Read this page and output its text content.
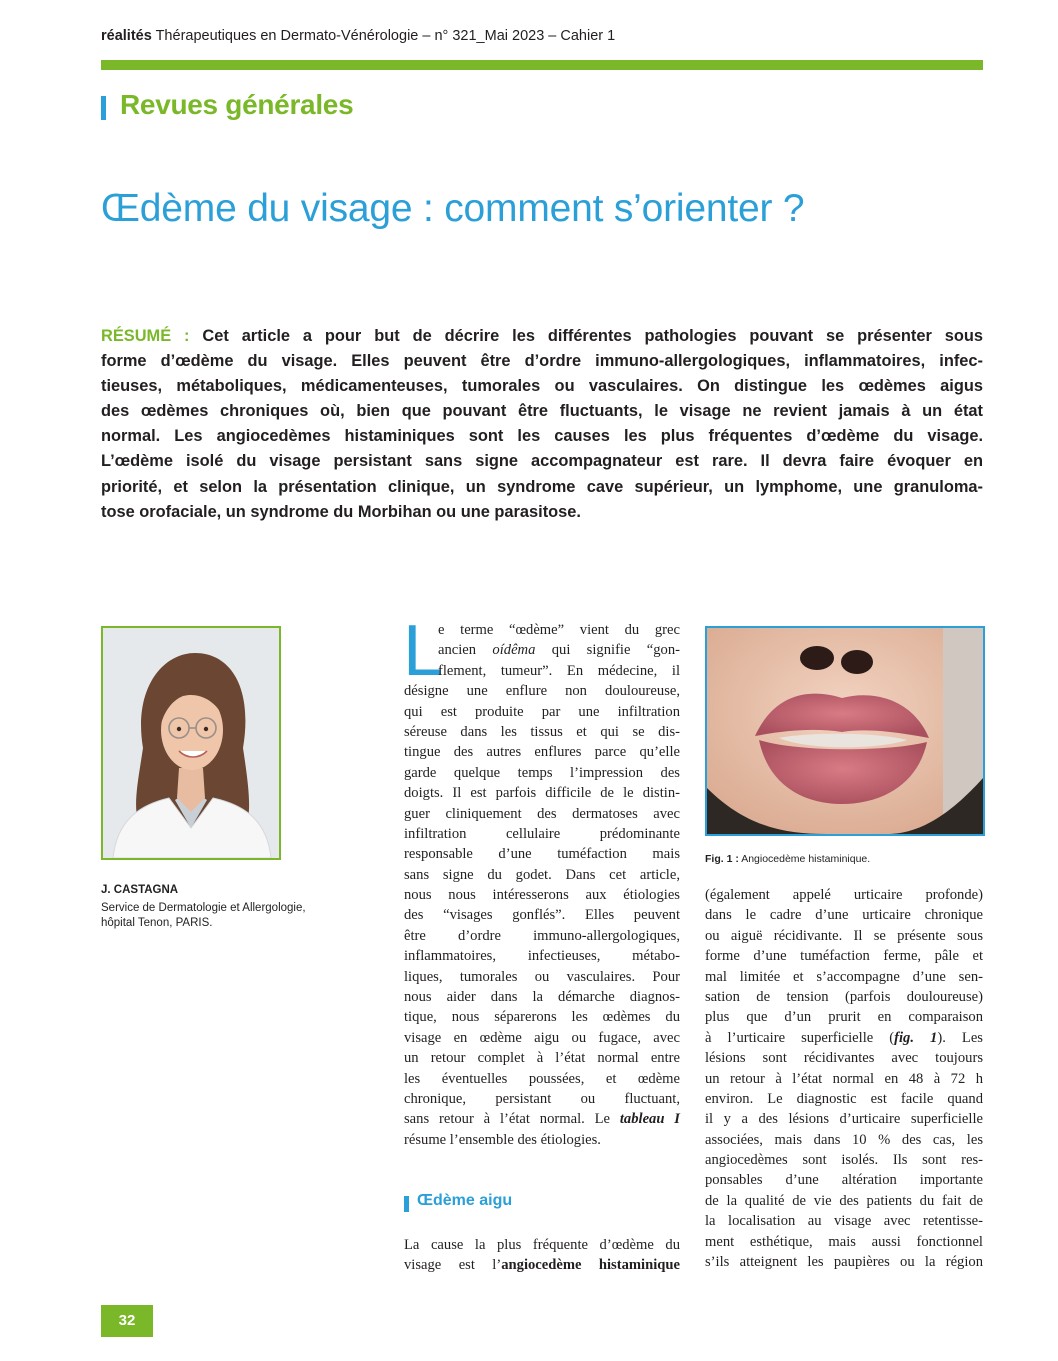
réalités Thérapeutiques en Dermato-Vénérologie – n° 321_Mai 2023 – Cahier 1
Revues générales
Œdème du visage : comment s’orienter ?
RÉSUMÉ : Cet article a pour but de décrire les différentes pathologies pouvant se présenter sous
forme d’œdème du visage. Elles peuvent être d’ordre immuno-allergologiques, inflammatoires, infec-
tieuses, métaboliques, médicamenteuses, tumorales ou vasculaires. On distingue les œdèmes aigus
des œdèmes chroniques où, bien que pouvant être fluctuants, le visage ne revient jamais à un état
normal. Les angiocedèmes histaminiques sont les causes les plus fréquentes d’œdème du visage.
L’œdème isolé du visage persistant sans signe accompagnateur est rare. Il devra faire évoquer en
priorité, et selon la présentation clinique, un syndrome cave supérieur, un lymphome, une granuloma-
tose orofaciale, un syndrome du Morbihan ou une parasitose.
J. CASTAGNA
Service de Dermatologie et Allergologie,
hôpital Tenon, PARIS.
L
e terme “œdème” vient du grec
ancien oídêma qui signifie “gon-
flement, tumeur”. En médecine, il
désigne une enflure non douloureuse,
qui est produite par une infiltration
séreuse dans les tissus et qui se dis-
tingue des autres enflures parce qu’elle
garde quelque temps l’impression des
doigts. Il est parfois difficile de le distin-
guer cliniquement des dermatoses avec
infiltration cellulaire prédominante
responsable d’une tuméfaction mais
sans signe du godet. Dans cet article,
nous nous intéresserons aux étiologies
des “visages gonflés”. Elles peuvent
être d’ordre immuno-allergologiques,
inflammatoires, infectieuses, métabo-
liques, tumorales ou vasculaires. Pour
nous aider dans la démarche diagnos-
tique, nous séparerons les œdèmes du
visage en œdème aigu ou fugace, avec
un retour complet à l’état normal entre
les éventuelles poussées, et œdème
chronique, persistant ou fluctuant,
sans retour à l’état normal. Le tableau I
résume l’ensemble des étiologies.
Œdème aigu
La cause la plus fréquente d’œdème du
visage est l’angiocedème histaminique
Fig. 1 : Angiocedème histaminique.
(également appelé urticaire profonde)
dans le cadre d’une urticaire chronique
ou aiguë récidivante. Il se présente sous
forme d’une tuméfaction ferme, pâle et
mal limitée et s’accompagne d’une sen-
sation de tension (parfois douloureuse)
plus que d’un prurit en comparaison
à l’urticaire superficielle (fig. 1). Les
lésions sont récidivantes avec toujours
un retour à l’état normal en 48 à 72 h
environ. Le diagnostic est facile quand
il y a des lésions d’urticaire superficielle
associées, mais dans 10 % des cas, les
angiocedèmes sont isolés. Ils sont res-
ponsables d’une altération importante
de la qualité de vie des patients du fait de
la localisation au visage avec retentisse-
ment esthétique, mais aussi fonctionnel
s’ils atteignent les paupières ou la région
32
